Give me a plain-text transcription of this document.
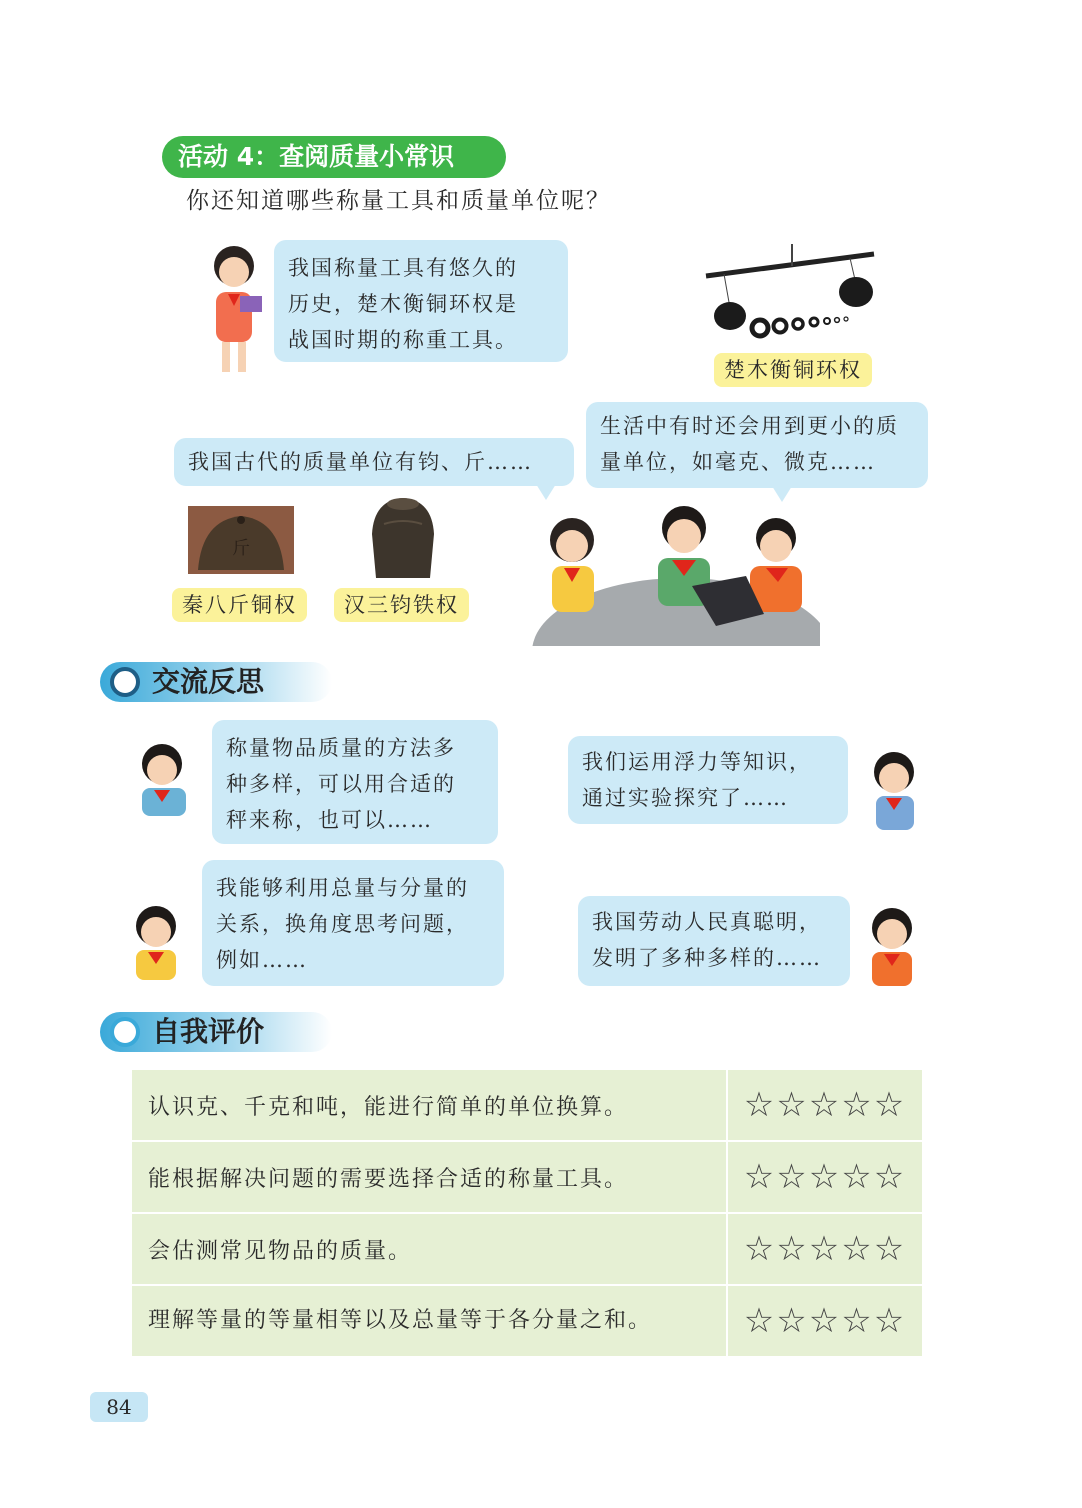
活动 4：查阅质量小常识
你还知道哪些称量工具和质量单位呢？
我国称量工具有悠久的
历史，楚木衡铜环权是
战国时期的称重工具。
楚木衡铜环权
我国古代的质量单位有钧、斤……
生活中有时还会用到更小的质
量单位，如毫克、微克……
斤
秦八斤铜权	汉三钧铁权
交流反思
称量物品质量的方法多
种多样，可以用合适的
秤来称，也可以……
我们运用浮力等知识，
通过实验探究了……
我能够利用总量与分量的
关系，换角度思考问题，
例如……
我国劳动人民真聪明，
发明了多种多样的……
自我评价
认识克、千克和吨，能进行简单的单位换算。	☆☆☆☆☆
能根据解决问题的需要选择合适的称量工具。	☆☆☆☆☆
会估测常见物品的质量。	☆☆☆☆☆
理解等量的等量相等以及总量等于各分量之和。	☆☆☆☆☆
84
